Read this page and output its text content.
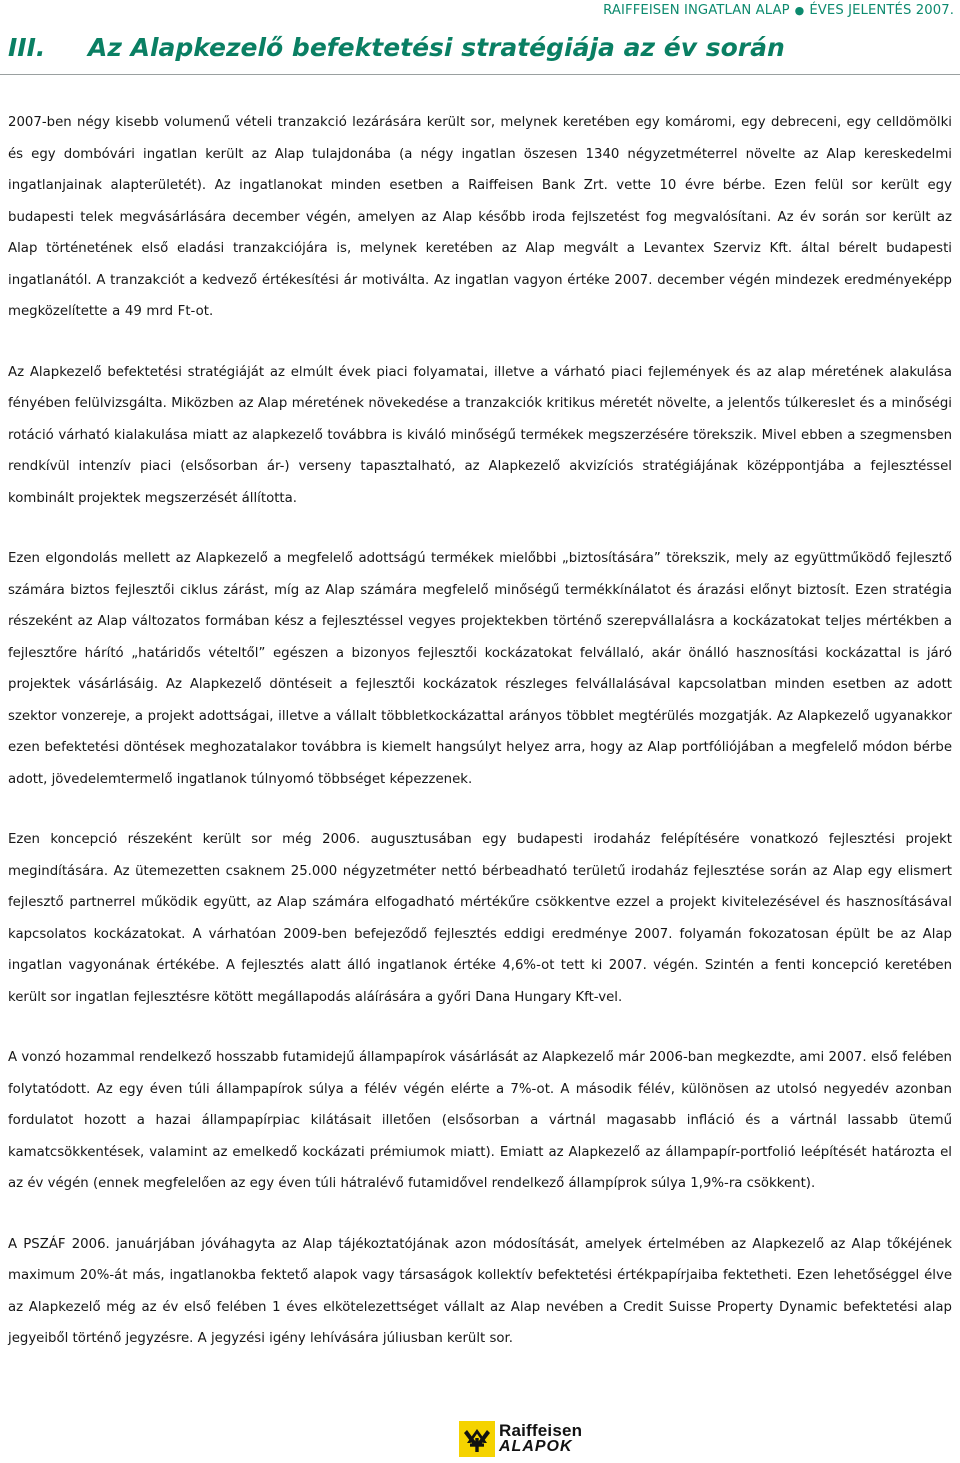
RAIFFEISEN INGATLAN ALAP ● ÉVES JELENTÉS 2007.
III.	Az Alapkezelő befektetési stratégiája az év során

2007-ben négy kisebb volumenű vételi tranzakció lezárására került sor, melynek keretében egy komáromi, egy debreceni, egy celldömölki és egy dombóvári ingatlan került az Alap tulajdonába (a négy ingatlan öszesen 1340 négyzetméterrel növelte az Alap kereskedelmi ingatlanjainak alapterületét). Az ingatlanokat minden esetben a Raiffeisen Bank Zrt. vette 10 évre bérbe. Ezen felül sor került egy budapesti telek megvásárlására december végén, amelyen az Alap később iroda fejlszetést fog megvalósítani. Az év során sor került az Alap történetének első eladási tranzakciójára is, melynek keretében az Alap megvált a Levantex Szerviz Kft. által bérelt budapesti ingatlanától. A tranzakciót a kedvező értékesítési ár motiválta. Az ingatlan vagyon értéke 2007. december végén mindezek eredményeképp megközelítette a 49 mrd Ft-ot.

Az Alapkezelő befektetési stratégiáját az elmúlt évek piaci folyamatai, illetve a várható piaci fejlemények és az alap méretének alakulása fényében felülvizsgálta. Miközben az Alap méretének növekedése a tranzakciók kritikus méretét növelte, a jelentős túlkereslet és a minőségi rotáció várható kialakulása miatt az alapkezelő továbbra is kiváló minőségű termékek megszerzésére törekszik. Mivel ebben a szegmensben rendkívül intenzív piaci (elsősorban ár-) verseny tapasztalható, az Alapkezelő akvizíciós stratégiájának középpontjába a fejlesztéssel kombinált projektek megszerzését állította.

Ezen elgondolás mellett az Alapkezelő a megfelelő adottságú termékek mielőbbi „biztosítására” törekszik, mely az együttműködő fejlesztő számára biztos fejlesztői ciklus zárást, míg az Alap számára megfelelő minőségű termékkínálatot és árazási előnyt biztosít. Ezen stratégia részeként az Alap változatos formában kész a fejlesztéssel vegyes projektekben történő szerepvállalásra a kockázatokat teljes mértékben a fejlesztőre hárító „határidős vételtől” egészen a bizonyos fejlesztői kockázatokat felvállaló, akár önálló hasznosítási kockázattal is járó projektek vásárlásáig. Az Alapkezelő döntéseit a fejlesztői kockázatok részleges felvállalásával kapcsolatban minden esetben az adott szektor vonzereje, a projekt adottságai, illetve a vállalt többletkockázattal arányos többlet megtérülés mozgatják. Az Alapkezelő ugyanakkor ezen befektetési döntések meghozatalakor továbbra is kiemelt hangsúlyt helyez arra, hogy az Alap portfóliójában a megfelelő módon bérbe adott, jövedelemtermelő ingatlanok túlnyomó többséget képezzenek.

Ezen koncepció részeként került sor még 2006. augusztusában egy budapesti irodaház felépítésére vonatkozó fejlesztési projekt megindítására. Az ütemezetten csaknem 25.000 négyzetméter nettó bérbeadható területű irodaház fejlesztése során az Alap egy elismert fejlesztő partnerrel működik együtt, az Alap számára elfogadható mértékűre csökkentve ezzel a projekt kivitelezésével és hasznosításával kapcsolatos kockázatokat. A várhatóan 2009-ben befejeződő fejlesztés eddigi eredménye 2007. folyamán fokozatosan épült be az Alap ingatlan vagyonának értékébe. A fejlesztés alatt álló ingatlanok értéke 4,6%-ot tett ki 2007. végén. Szintén a fenti koncepció keretében került sor ingatlan fejlesztésre kötött megállapodás aláírására a győri Dana Hungary Kft-vel.

A vonzó hozammal rendelkező hosszabb futamidejű állampapírok vásárlását az Alapkezelő már 2006-ban megkezdte, ami 2007. első felében folytatódott. Az egy éven túli állampapírok súlya a félév végén elérte a 7%-ot. A második félév, különösen az utolsó negyedév azonban fordulatot hozott a hazai állampapírpiac kilátásait illetően (elsősorban a vártnál magasabb infláció és a vártnál lassabb ütemű kamatcsökkentések, valamint az emelkedő kockázati prémiumok miatt). Emiatt az Alapkezelő az állampapír-portfolió leépítését határozta el az év végén (ennek megfelelően az egy éven túli hátralévő futamidővel rendelkező állampíprok súlya 1,9%-ra csökkent).

A PSZÁF 2006. januárjában jóváhagyta az Alap tájékoztatójának azon módosítását, amelyek értelmében az Alapkezelő az Alap tőkéjének maximum 20%-át más, ingatlanokba fektető alapok vagy társaságok kollektív befektetési értékpapírjaiba fektetheti. Ezen lehetőséggel élve az Alapkezelő még az év első felében 1 éves elkötelezettséget vállalt az Alap nevében a Credit Suisse Property Dynamic befektetési alap jegyeiből történő jegyzésre. A jegyzési igény lehívására júliusban került sor.

Raiffeisen
ALAPOK
